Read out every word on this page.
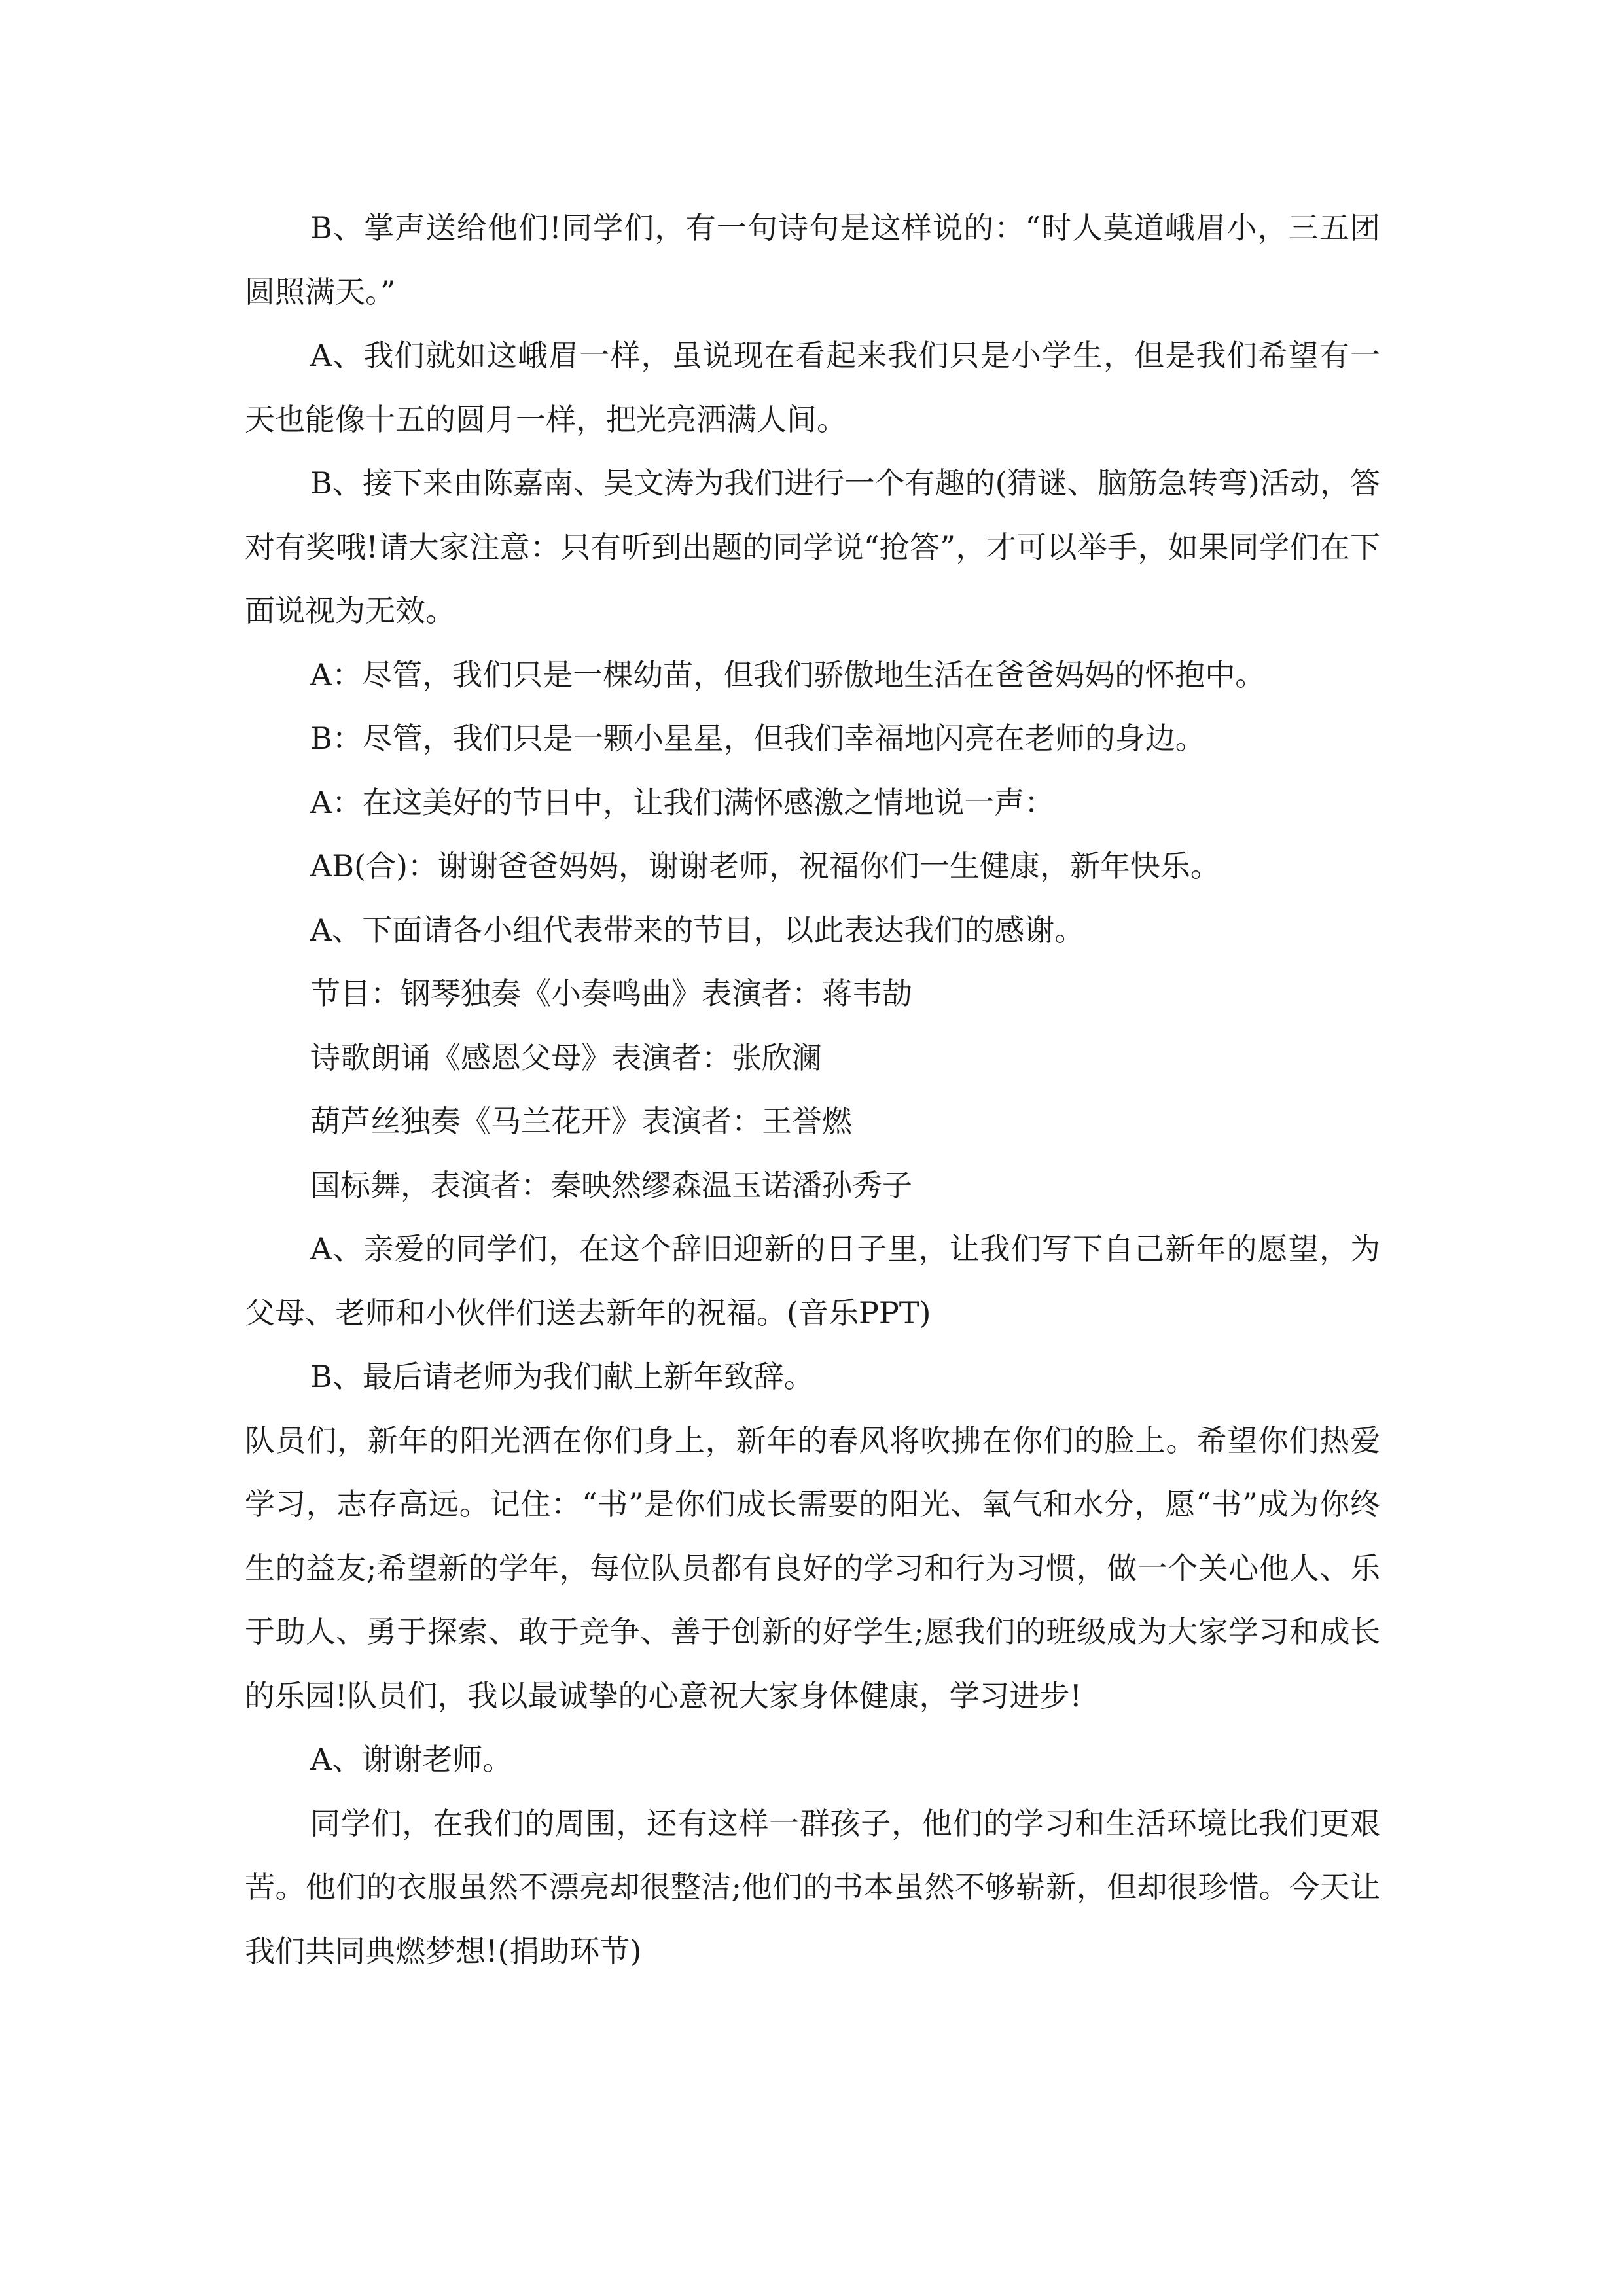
B、掌声送给他们!同学们，有一句诗句是这样说的：“时人莫道峨眉小，三五团圆照满天。”

A、我们就如这峨眉一样，虽说现在看起来我们只是小学生，但是我们希望有一天也能像十五的圆月一样，把光亮洒满人间。

B、接下来由陈嘉南、吴文涛为我们进行一个有趣的(猜谜、脑筋急转弯)活动，答对有奖哦!请大家注意：只有听到出题的同学说“抢答”，才可以举手，如果同学们在下面说视为无效。

A：尽管，我们只是一棵幼苗，但我们骄傲地生活在爸爸妈妈的怀抱中。

B：尽管，我们只是一颗小星星，但我们幸福地闪亮在老师的身边。

A：在这美好的节日中，让我们满怀感激之情地说一声：

AB(合)：谢谢爸爸妈妈，谢谢老师，祝福你们一生健康，新年快乐。

A、下面请各小组代表带来的节目，以此表达我们的感谢。

节目：钢琴独奏《小奏鸣曲》表演者：蒋韦劼

诗歌朗诵《感恩父母》表演者：张欣澜

葫芦丝独奏《马兰花开》表演者：王誉燃

国标舞，表演者：秦映然缪森温玉诺潘孙秀子

A、亲爱的同学们，在这个辞旧迎新的日子里，让我们写下自己新年的愿望，为父母、老师和小伙伴们送去新年的祝福。(音乐PPT)

B、最后请老师为我们献上新年致辞。

队员们，新年的阳光洒在你们身上，新年的春风将吹拂在你们的脸上。希望你们热爱学习，志存高远。记住：“书”是你们成长需要的阳光、氧气和水分，愿“书”成为你终生的益友;希望新的学年，每位队员都有良好的学习和行为习惯，做一个关心他人、乐于助人、勇于探索、敢于竞争、善于创新的好学生;愿我们的班级成为大家学习和成长的乐园!队员们，我以最诚挚的心意祝大家身体健康，学习进步!

A、谢谢老师。

同学们，在我们的周围，还有这样一群孩子，他们的学习和生活环境比我们更艰苦。他们的衣服虽然不漂亮却很整洁;他们的书本虽然不够崭新，但却很珍惜。今天让我们共同典燃梦想!(捐助环节)
